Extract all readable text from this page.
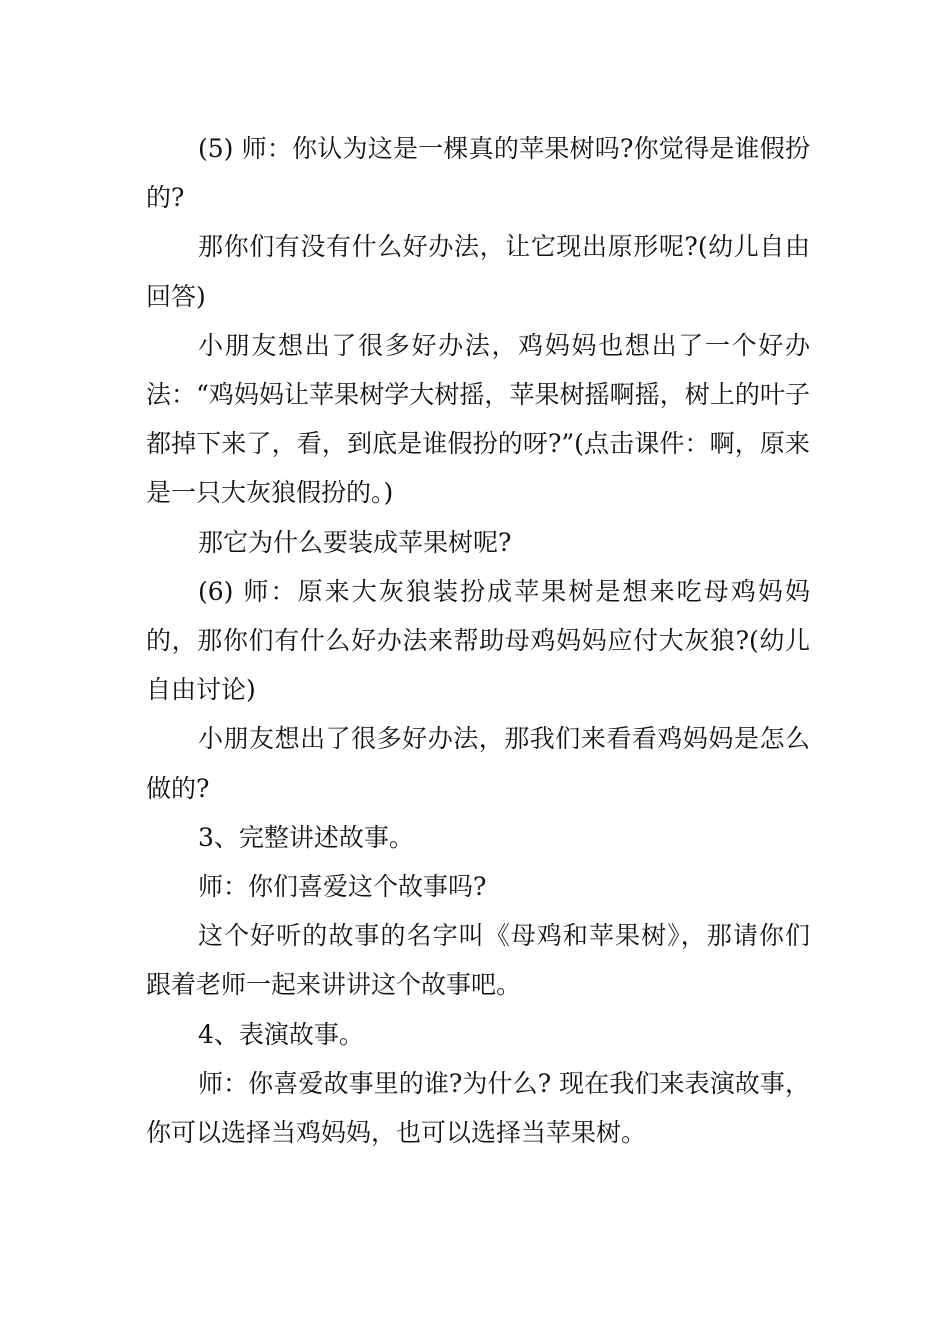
(5) 师：你认为这是一棵真的苹果树吗?你觉得是谁假扮的?

那你们有没有什么好办法，让它现出原形呢?(幼儿自由回答)

小朋友想出了很多好办法，鸡妈妈也想出了一个好办法：“鸡妈妈让苹果树学大树摇，苹果树摇啊摇，树上的叶子都掉下来了，看，到底是谁假扮的呀?”(点击课件：啊，原来是一只大灰狼假扮的。)

那它为什么要装成苹果树呢?

(6) 师：原来大灰狼装扮成苹果树是想来吃母鸡妈妈的，那你们有什么好办法来帮助母鸡妈妈应付大灰狼?(幼儿自由讨论)

小朋友想出了很多好办法，那我们来看看鸡妈妈是怎么做的?

3、完整讲述故事。

师：你们喜爱这个故事吗?

这个好听的故事的名字叫《母鸡和苹果树》，那请你们跟着老师一起来讲讲这个故事吧。

4、表演故事。

师：你喜爱故事里的谁?为什么? 现在我们来表演故事，你可以选择当鸡妈妈，也可以选择当苹果树。
